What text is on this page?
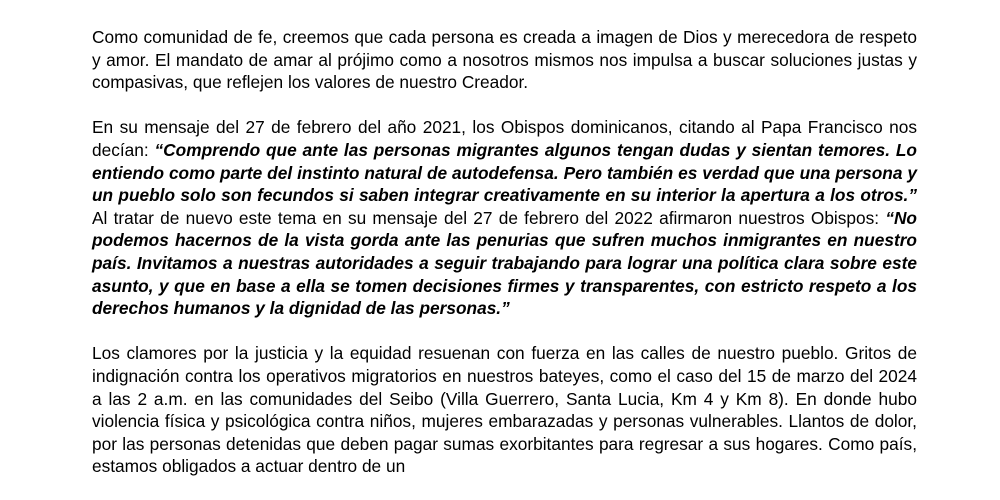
Como comunidad de fe, creemos que cada persona es creada a imagen de Dios y merecedora de respeto y amor. El mandato de amar al prójimo como a nosotros mismos nos impulsa a buscar soluciones justas y compasivas, que reflejen los valores de nuestro Creador.

En su mensaje del 27 de febrero del año 2021, los Obispos dominicanos, citando al Papa Francisco nos decían: “Comprendo que ante las personas migrantes algunos tengan dudas y sientan temores. Lo entiendo como parte del instinto natural de autodefensa. Pero también es verdad que una persona y un pueblo solo son fecundos si saben integrar creativamente en su interior la apertura a los otros.” Al tratar de nuevo este tema en su mensaje del 27 de febrero del 2022 afirmaron nuestros Obispos: “No podemos hacernos de la vista gorda ante las penurias que sufren muchos inmigrantes en nuestro país. Invitamos a nuestras autoridades a seguir trabajando para lograr una política clara sobre este asunto, y que en base a ella se tomen decisiones firmes y transparentes, con estricto respeto a los derechos humanos y la dignidad de las personas.”

Los clamores por la justicia y la equidad resuenan con fuerza en las calles de nuestro pueblo. Gritos de indignación contra los operativos migratorios en nuestros bateyes, como el caso del 15 de marzo del 2024 a las 2 a.m. en las comunidades del Seibo (Villa Guerrero, Santa Lucia, Km 4 y Km 8). En donde hubo violencia física y psicológica contra niños, mujeres embarazadas y personas vulnerables. Llantos de dolor, por las personas detenidas que deben pagar sumas exorbitantes para regresar a sus hogares. Como país, estamos obligados a actuar dentro de un
